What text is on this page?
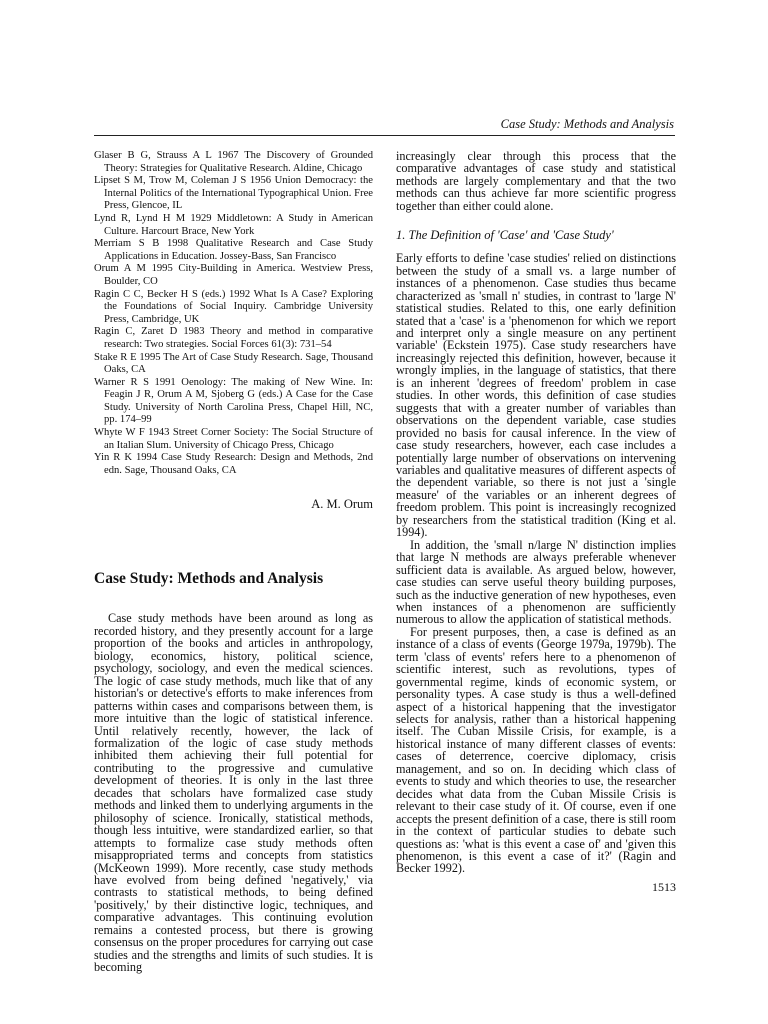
Case Study: Methods and Analysis
Glaser B G, Strauss A L 1967 The Discovery of Grounded Theory: Strategies for Qualitative Research. Aldine, Chicago
Lipset S M, Trow M, Coleman J S 1956 Union Democracy: the Internal Politics of the International Typographical Union. Free Press, Glencoe, IL
Lynd R, Lynd H M 1929 Middletown: A Study in American Culture. Harcourt Brace, New York
Merriam S B 1998 Qualitative Research and Case Study Applications in Education. Jossey-Bass, San Francisco
Orum A M 1995 City-Building in America. Westview Press, Boulder, CO
Ragin C C, Becker H S (eds.) 1992 What Is A Case? Exploring the Foundations of Social Inquiry. Cambridge University Press, Cambridge, UK
Ragin C, Zaret D 1983 Theory and method in comparative research: Two strategies. Social Forces 61(3): 731–54
Stake R E 1995 The Art of Case Study Research. Sage, Thousand Oaks, CA
Warner R S 1991 Oenology: The making of New Wine. In: Feagin J R, Orum A M, Sjoberg G (eds.) A Case for the Case Study. University of North Carolina Press, Chapel Hill, NC, pp. 174–99
Whyte W F 1943 Street Corner Society: The Social Structure of an Italian Slum. University of Chicago Press, Chicago
Yin R K 1994 Case Study Research: Design and Methods, 2nd edn. Sage, Thousand Oaks, CA
A. M. Orum
Case Study: Methods and Analysis

Case study methods have been around as long as recorded history, and they presently account for a large proportion of the books and articles in anthropology, biology, economics, history, political science, psychology, sociology, and even the medical sciences. The logic of case study methods, much like that of any historian's or detective's efforts to make inferences from patterns within cases and comparisons between them, is more intuitive than the logic of statistical inference. Until relatively recently, however, the lack of formalization of the logic of case study methods inhibited them achieving their full potential for contributing to the progressive and cumulative development of theories. It is only in the last three decades that scholars have formalized case study methods and linked them to underlying arguments in the philosophy of science. Ironically, statistical methods, though less intuitive, were standardized earlier, so that attempts to formalize case study methods often misappropriated terms and concepts from statistics (McKeown 1999). More recently, case study methods have evolved from being defined 'negatively,' via contrasts to statistical methods, to being defined 'positively,' by their distinctive logic, techniques, and comparative advantages. This continuing evolution remains a contested process, but there is growing consensus on the proper procedures for carrying out case studies and the strengths and limits of such studies. It is becoming

increasingly clear through this process that the comparative advantages of case study and statistical methods are largely complementary and that the two methods can thus achieve far more scientific progress together than either could alone.

1. The Definition of 'Case' and 'Case Study'

Early efforts to define 'case studies' relied on distinctions between the study of a small vs. a large number of instances of a phenomenon. Case studies thus became characterized as 'small n' studies, in contrast to 'large N' statistical studies. Related to this, one early definition stated that a 'case' is a 'phenomenon for which we report and interpret only a single measure on any pertinent variable' (Eckstein 1975). Case study researchers have increasingly rejected this definition, however, because it wrongly implies, in the language of statistics, that there is an inherent 'degrees of freedom' problem in case studies. In other words, this definition of case studies suggests that with a greater number of variables than observations on the dependent variable, case studies provided no basis for causal inference. In the view of case study researchers, however, each case includes a potentially large number of observations on intervening variables and qualitative measures of different aspects of the dependent variable, so there is not just a 'single measure' of the variables or an inherent degrees of freedom problem. This point is increasingly recognized by researchers from the statistical tradition (King et al. 1994).

In addition, the 'small n/large N' distinction implies that large N methods are always preferable whenever sufficient data is available. As argued below, however, case studies can serve useful theory building purposes, such as the inductive generation of new hypotheses, even when instances of a phenomenon are sufficiently numerous to allow the application of statistical methods.

For present purposes, then, a case is defined as an instance of a class of events (George 1979a, 1979b). The term 'class of events' refers here to a phenomenon of scientific interest, such as revolutions, types of governmental regime, kinds of economic system, or personality types. A case study is thus a well-defined aspect of a historical happening that the investigator selects for analysis, rather than a historical happening itself. The Cuban Missile Crisis, for example, is a historical instance of many different classes of events: cases of deterrence, coercive diplomacy, crisis management, and so on. In deciding which class of events to study and which theories to use, the researcher decides what data from the Cuban Missile Crisis is relevant to their case study of it. Of course, even if one accepts the present definition of a case, there is still room in the context of particular studies to debate such questions as: 'what is this event a case of' and 'given this phenomenon, is this event a case of it?' (Ragin and Becker 1992).

1513
